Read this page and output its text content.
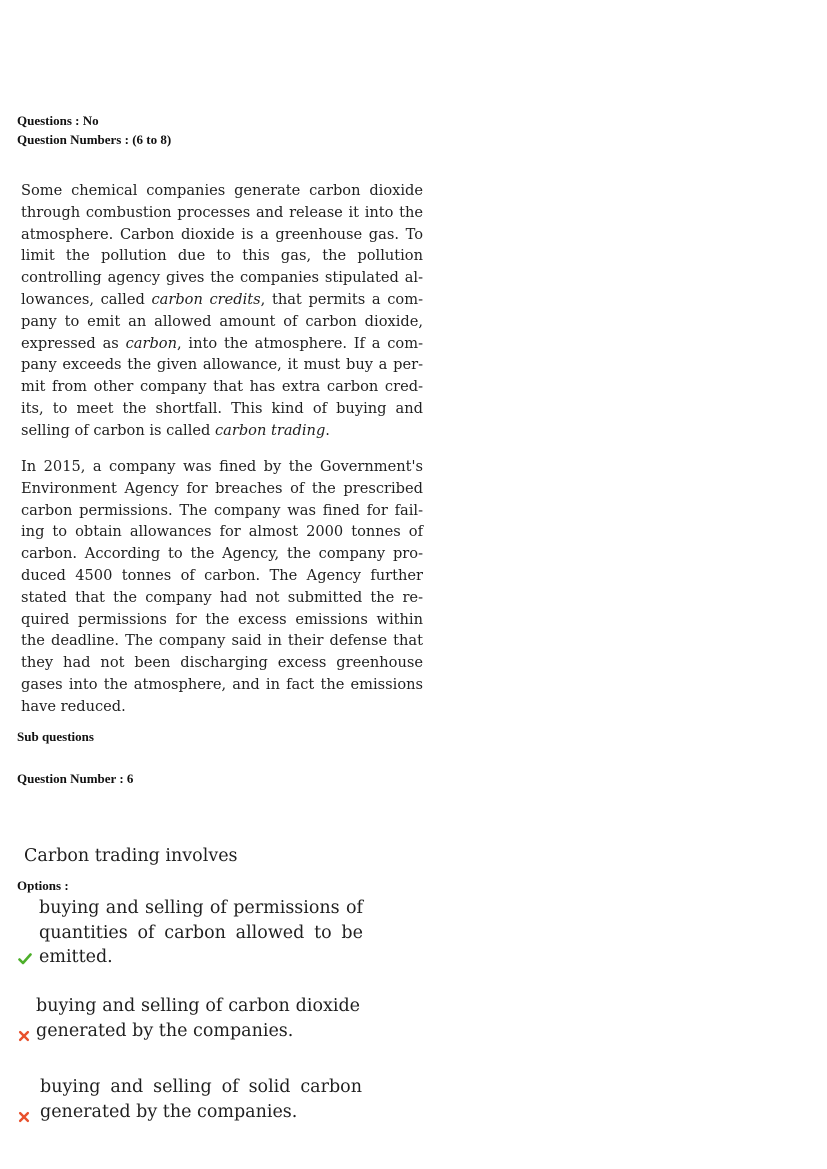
Questions : No
Question Numbers : (6 to 8)

Some chemical companies generate carbon dioxide through combustion processes and release it into the atmosphere. Carbon dioxide is a greenhouse gas. To limit the pollution due to this gas, the pollution controlling agency gives the companies stipulated allowances, called carbon credits, that permits a company to emit an allowed amount of carbon dioxide, expressed as carbon, into the atmosphere. If a company exceeds the given allowance, it must buy a permit from other company that has extra carbon credits, to meet the shortfall. This kind of buying and selling of carbon is called carbon trading.

In 2015, a company was fined by the Government's Environment Agency for breaches of the prescribed carbon permissions. The company was fined for failing to obtain allowances for almost 2000 tonnes of carbon. According to the Agency, the company produced 4500 tonnes of carbon. The Agency further stated that the company had not submitted the required permissions for the excess emissions within the deadline. The company said in their defense that they had not been discharging excess greenhouse gases into the atmosphere, and in fact the emissions have reduced.

Sub questions
Question Number : 6
Carbon trading involves
Options :

buying and selling of permissions of quantities of carbon allowed to be emitted.

buying and selling of carbon dioxide generated by the companies.

buying and selling of solid carbon generated by the companies.
